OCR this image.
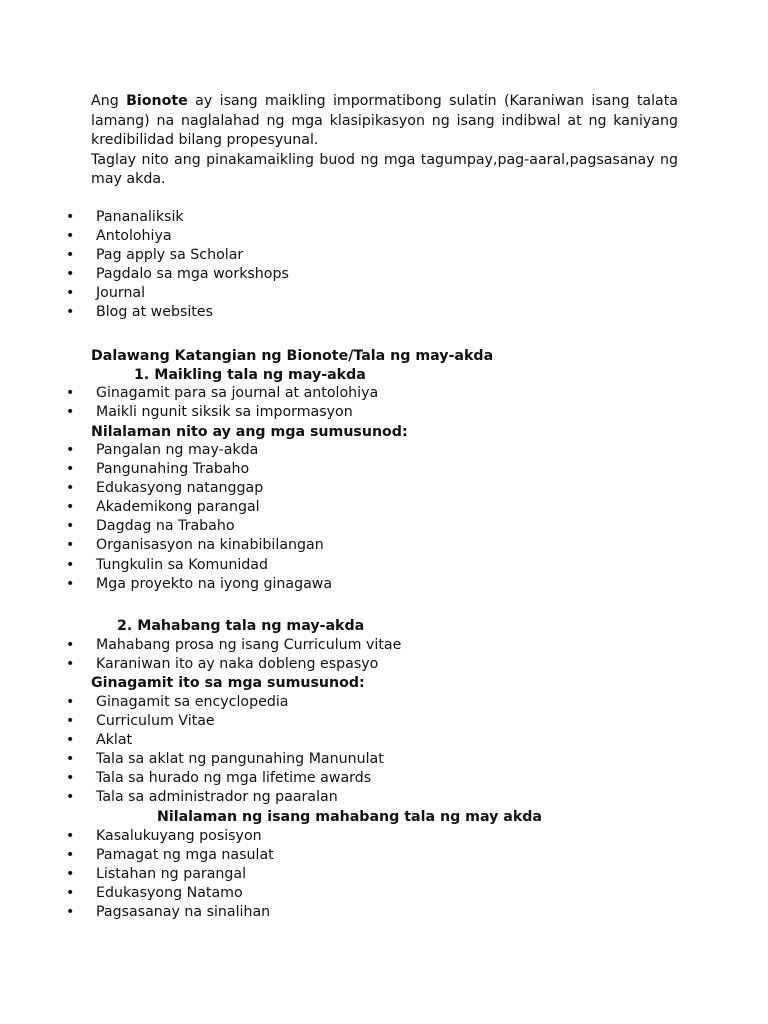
Ang Bionote ay isang maikling impormatibong sulatin (Karaniwan isang talata lamang) na naglalahad ng mga klasipikasyon ng isang indibwal at ng kaniyang kredibilidad bilang propesyunal.

Taglay nito ang pinakamaikling buod ng mga tagumpay,pag-aaral,pagsasanay ng may akda.

• Pananaliksik
• Antolohiya
• Pag apply sa Scholar
• Pagdalo sa mga workshops
• Journal
• Blog at websites
Dalawang Katangian ng Bionote/Tala ng may-akda
1. Maikling tala ng may-akda
• Ginagamit para sa journal at antolohiya
• Maikli ngunit siksik sa impormasyon
Nilalaman nito ay ang mga sumusunod:
• Pangalan ng may-akda
• Pangunahing Trabaho
• Edukasyong natanggap
• Akademikong parangal
• Dagdag na Trabaho
• Organisasyon na kinabibilangan
• Tungkulin sa Komunidad
• Mga proyekto na iyong ginagawa
2. Mahabang tala ng may-akda
• Mahabang prosa ng isang Curriculum vitae
• Karaniwan ito ay naka dobleng espasyo
Ginagamit ito sa mga sumusunod:
• Ginagamit sa encyclopedia
• Curriculum Vitae
• Aklat
• Tala sa aklat ng pangunahing Manunulat
• Tala sa hurado ng mga lifetime awards
• Tala sa administrador ng paaralan
Nilalaman ng isang mahabang tala ng may akda
• Kasalukuyang posisyon
• Pamagat ng mga nasulat
• Listahan ng parangal
• Edukasyong Natamo
• Pagsasanay na sinalihan
